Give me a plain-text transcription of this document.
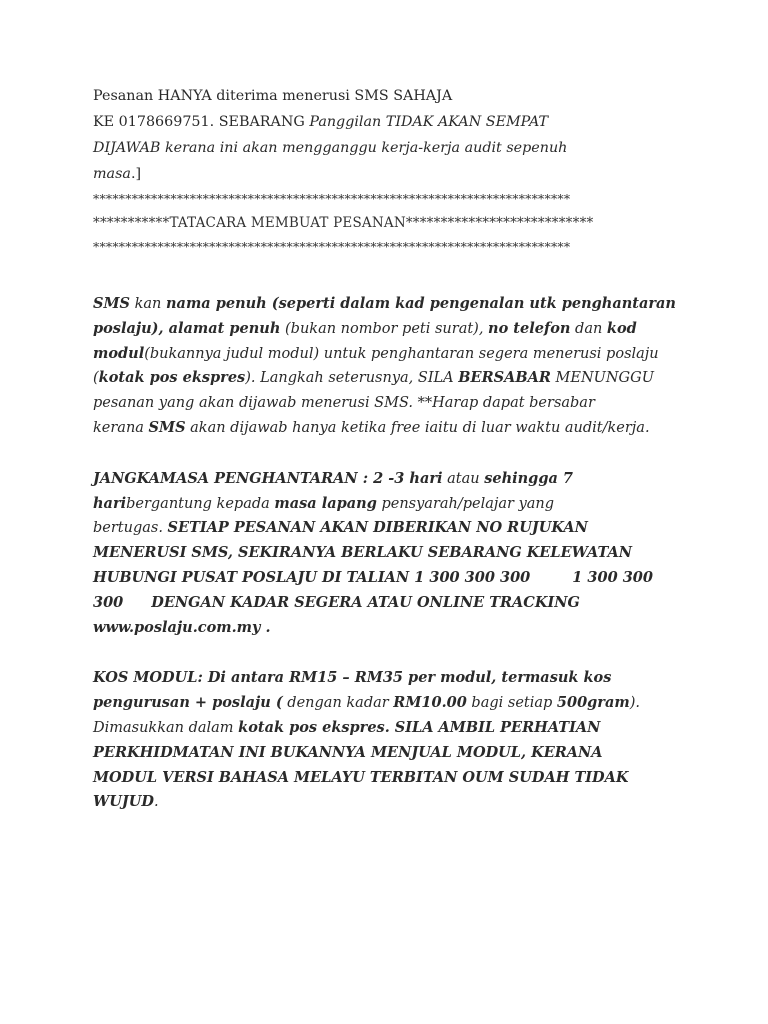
Pesanan HANYA diterima menerusi SMS SAHAJA
KE 0178669751. SEBARANG Panggilan TIDAK AKAN SEMPAT
DIJAWAB kerana ini akan mengganggu kerja-kerja audit sepenuh
masa.]
**************************************************************************
***********TATACARA MEMBUAT PESANAN***************************
**************************************************************************
SMS kan nama penuh (seperti dalam kad pengenalan utk penghantaran
poslaju), alamat penuh (bukan nombor peti surat), no telefon dan kod
modul(bukannya judul modul) untuk penghantaran segera menerusi poslaju
(kotak pos ekspres). Langkah seterusnya, SILA BERSABAR MENUNGGU
pesanan yang akan dijawab menerusi SMS. **Harap dapat bersabar
kerana SMS akan dijawab hanya ketika free iaitu di luar waktu audit/kerja.
JANGKAMASA PENGHANTARAN : 2 -3 hari atau sehingga 7
haribergantung kepada masa lapang pensyarah/pelajar yang
bertugas. SETIAP PESANAN AKAN DIBERIKAN NO RUJUKAN
MENERUSI SMS, SEKIRANYA BERLAKU SEBARANG KELEWATAN
HUBUNGI PUSAT POSLAJU DI TALIAN 1 300 300 300	1 300 300
300 DENGAN KADAR SEGERA ATAU ONLINE TRACKING
www.poslaju.com.my .
KOS MODUL: Di antara RM15 – RM35 per modul, termasuk kos
pengurusan + poslaju ( dengan kadar RM10.00 bagi setiap 500gram).
Dimasukkan dalam kotak pos ekspres. SILA AMBIL PERHATIAN
PERKHIDMATAN INI BUKANNYA MENJUAL MODUL, KERANA
MODUL VERSI BAHASA MELAYU TERBITAN OUM SUDAH TIDAK
WUJUD.
